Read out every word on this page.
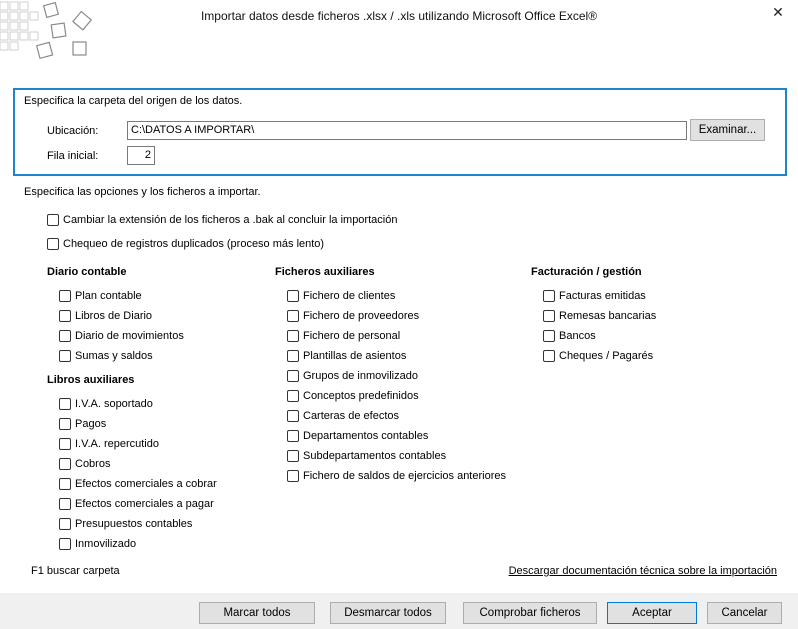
Importar datos desde ficheros .xlsx / .xls utilizando Microsoft Office Excel®	✕
Especifica la carpeta del origen de los datos.
Ubicación:	C:\DATOS A IMPORTAR\	Examinar...
Fila inicial:	2
Especifica las opciones y los ficheros a importar.
Cambiar la extensión de los ficheros a .bak al concluir la importación
Chequeo de registros duplicados (proceso más lento)
Diario contable
Plan contable
Libros de Diario
Diario de movimientos
Sumas y saldos
Libros auxiliares
I.V.A. soportado
Pagos
I.V.A. repercutido
Cobros
Efectos comerciales a cobrar
Efectos comerciales a pagar
Presupuestos contables
Inmovilizado
Ficheros auxiliares
Fichero de clientes
Fichero de proveedores
Fichero de personal
Plantillas de asientos
Grupos de inmovilizado
Conceptos predefinidos
Carteras de efectos
Departamentos contables
Subdepartamentos contables
Fichero de saldos de ejercicios anteriores
Facturación / gestión
Facturas emitidas
Remesas bancarias
Bancos
Cheques / Pagarés
F1 buscar carpeta	Descargar documentación técnica sobre la importación
Marcar todos	Desmarcar todos	Comprobar ficheros	Aceptar	Cancelar
